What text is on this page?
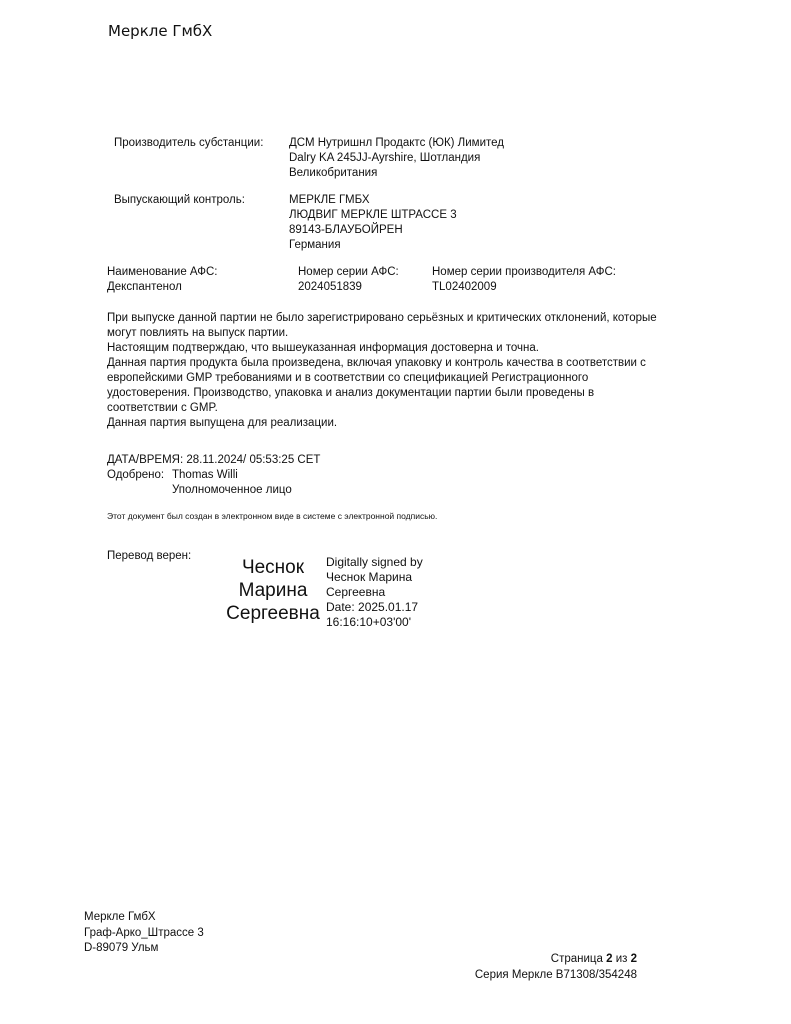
Меркле ГмбХ
Производитель субстанции: ДСМ Нутришнл Продактс (ЮК) Лимитед
Dalry KA 245JJ-Ayrshire, Шотландия
Великобритания
Выпускающий контроль:	МЕРКЛЕ ГМБХ
ЛЮДВИГ МЕРКЛЕ ШТРАССЕ 3
89143-БЛАУБОЙРЕН
Германия
Наименование АФС:
Декспантенол
Номер серии АФС:
2024051839
Номер серии производителя АФС:
TL02402009

При выпуске данной партии не было зарегистрировано серьёзных и критических отклонений, которые могут повлиять на выпуск партии.

Настоящим подтверждаю, что вышеуказанная информация достоверна и точна.

Данная партия продукта была произведена, включая упаковку и контроль качества в соответствии с европейскими GMP требованиями и в соответствии со спецификацией Регистрационного удостоверения. Производство, упаковка и анализ документации партии были проведены в соответствии с GMP.

Данная партия выпущена для реализации.

ДАТА/ВРЕМЯ: 28.11.2024/ 05:53:25 CET
Одобрено: Thomas Willi
Уполномоченное лицо
Этот документ был создан в электронном виде в системе с электронной подписью.
Перевод верен:
Чеснок
Марина
Сергеевна
Digitally signed by
Чеснок Марина
Сергеевна
Date: 2025.01.17
16:16:10+03'00'
Меркле ГмбХ
Граф-Арко_Штрассе 3
D-89079 Ульм
Страница 2 из 2
Серия Меркле B71308/354248
